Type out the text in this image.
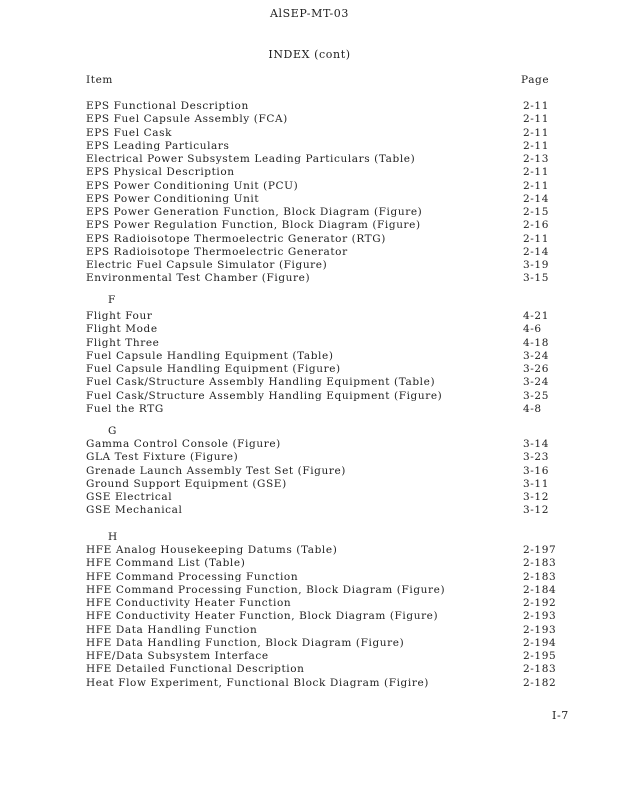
AlSEP-MT-03
INDEX (cont)
Item	Page
EPS Functional Description	2-11
EPS Fuel Capsule Assembly (FCA)	2-11
EPS Fuel Cask	2-11
EPS Leading Particulars	2-11
Electrical Power Subsystem Leading Particulars (Table)	2-13
EPS Physical Description	2-11
EPS Power Conditioning Unit (PCU)	2-11
EPS Power Conditioning Unit	2-14
EPS Power Generation Function, Block Diagram (Figure)	2-15
EPS Power Regulation Function, Block Diagram (Figure)	2-16
EPS Radioisotope Thermoelectric Generator (RTG)	2-11
EPS Radioisotope Thermoelectric Generator	2-14
Electric Fuel Capsule Simulator (Figure)	3-19
Environmental Test Chamber (Figure)	3-15
F
Flight Four	4-21
Flight Mode	4-6
Flight Three	4-18
Fuel Capsule Handling Equipment (Table)	3-24
Fuel Capsule Handling Equipment (Figure)	3-26
Fuel Cask/Structure Assembly Handling Equipment (Table)	3-24
Fuel Cask/Structure Assembly Handling Equipment (Figure)	3-25
Fuel the RTG	4-8
G
Gamma Control Console (Figure)	3-14
GLA Test Fixture (Figure)	3-23
Grenade Launch Assembly Test Set (Figure)	3-16
Ground Support Equipment (GSE)	3-11
GSE Electrical	3-12
GSE Mechanical	3-12
H
HFE Analog Housekeeping Datums (Table)	2-197
HFE Command List (Table)	2-183
HFE Command Processing Function	2-183
HFE Command Processing Function, Block Diagram (Figure)	2-184
HFE Conductivity Heater Function	2-192
HFE Conductivity Heater Function, Block Diagram (Figure)	2-193
HFE Data Handling Function	2-193
HFE Data Handling Function, Block Diagram (Figure)	2-194
HFE/Data Subsystem Interface	2-195
HFE Detailed Functional Description	2-183
Heat Flow Experiment, Functional Block Diagram (Figire)	2-182
I-7
